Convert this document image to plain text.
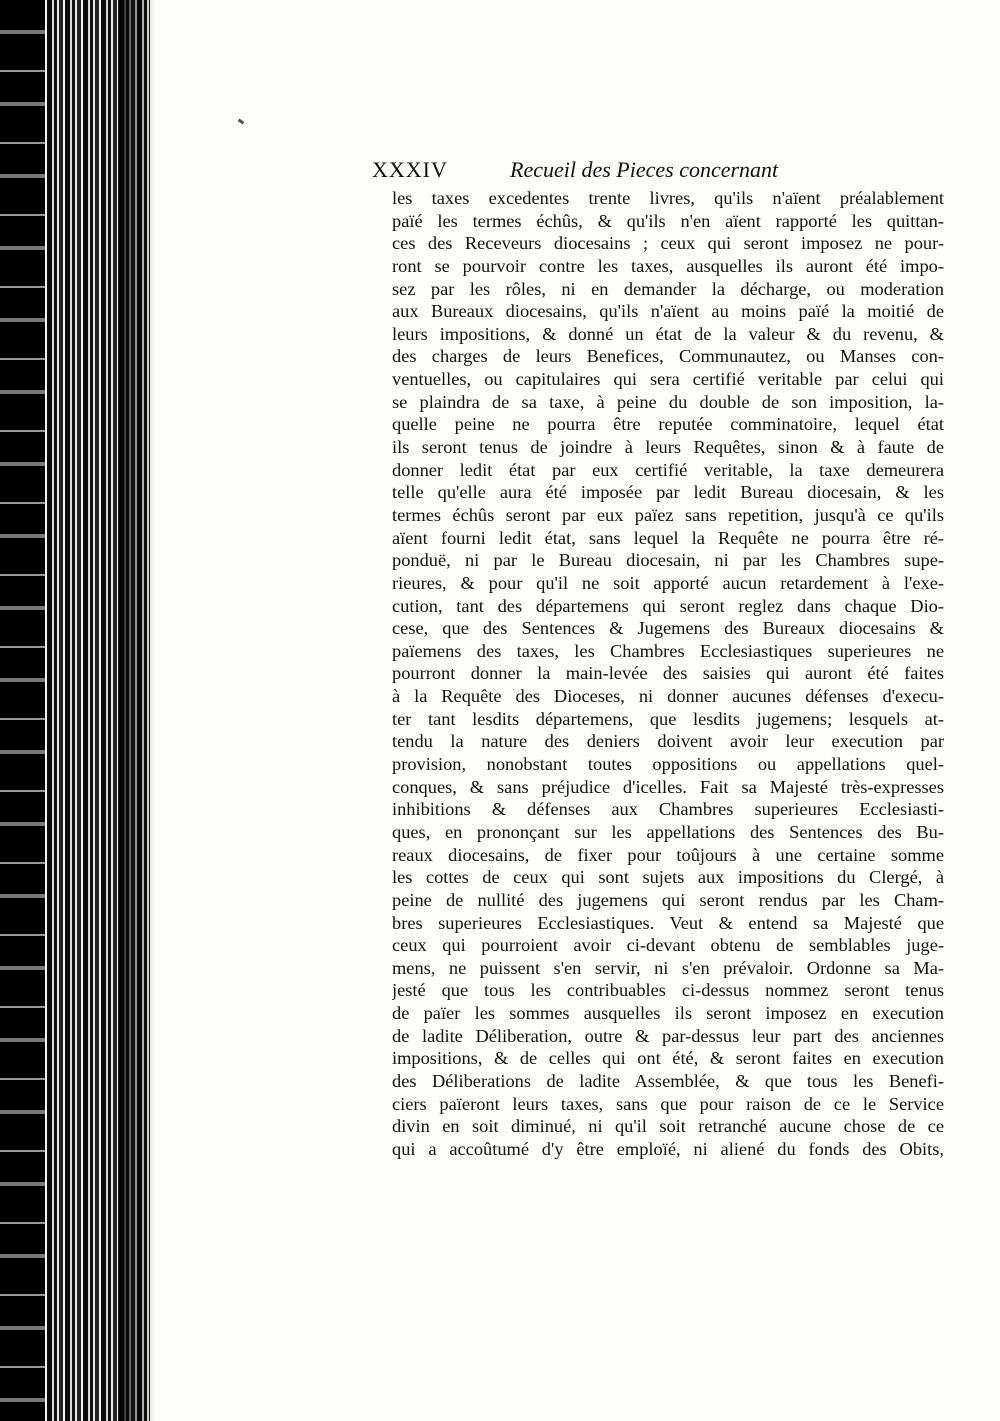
XXXIV	Recueil des Pieces concernant
les taxes excedentes trente livres, qu'ils n'aïent préalablement
païé les termes échûs, & qu'ils n'en aïent rapporté les quittan-
ces des Receveurs diocesains ; ceux qui seront imposez ne pour-
ront se pourvoir contre les taxes, ausquelles ils auront été impo-
sez par les rôles, ni en demander la décharge, ou moderation
aux Bureaux diocesains, qu'ils n'aïent au moins païé la moitié de
leurs impositions, & donné un état de la valeur & du revenu, &
des charges de leurs Benefices, Communautez, ou Manses con-
ventuelles, ou capitulaires qui sera certifié veritable par celui qui
se plaindra de sa taxe, à peine du double de son imposition, la-
quelle peine ne pourra être reputée comminatoire, lequel état
ils seront tenus de joindre à leurs Requêtes, sinon & à faute de
donner ledit état par eux certifié veritable, la taxe demeurera
telle qu'elle aura été imposée par ledit Bureau diocesain, & les
termes échûs seront par eux païez sans repetition, jusqu'à ce qu'ils
aïent fourni ledit état, sans lequel la Requête ne pourra être ré-
ponduë, ni par le Bureau diocesain, ni par les Chambres supe-
rieures, & pour qu'il ne soit apporté aucun retardement à l'exe-
cution, tant des départemens qui seront reglez dans chaque Dio-
cese, que des Sentences & Jugemens des Bureaux diocesains &
païemens des taxes, les Chambres Ecclesiastiques superieures ne
pourront donner la main-levée des saisies qui auront été faites
à la Requête des Dioceses, ni donner aucunes défenses d'execu-
ter tant lesdits départemens, que lesdits jugemens; lesquels at-
tendu la nature des deniers doivent avoir leur execution par
provision, nonobstant toutes oppositions ou appellations quel-
conques, & sans préjudice d'icelles. Fait sa Majesté très-expresses
inhibitions & défenses aux Chambres superieures Ecclesiasti-
ques, en prononçant sur les appellations des Sentences des Bu-
reaux diocesains, de fixer pour toûjours à une certaine somme
les cottes de ceux qui sont sujets aux impositions du Clergé, à
peine de nullité des jugemens qui seront rendus par les Cham-
bres superieures Ecclesiastiques. Veut & entend sa Majesté que
ceux qui pourroient avoir ci-devant obtenu de semblables juge-
mens, ne puissent s'en servir, ni s'en prévaloir. Ordonne sa Ma-
jesté que tous les contribuables ci-dessus nommez seront tenus
de païer les sommes ausquelles ils seront imposez en execution
de ladite Déliberation, outre & par-dessus leur part des anciennes
impositions, & de celles qui ont été, & seront faites en execution
des Déliberations de ladite Assemblée, & que tous les Benefi-
ciers païeront leurs taxes, sans que pour raison de ce le Service
divin en soit diminué, ni qu'il soit retranché aucune chose de ce
qui a accoûtumé d'y être emploïé, ni aliené du fonds des Obits,
